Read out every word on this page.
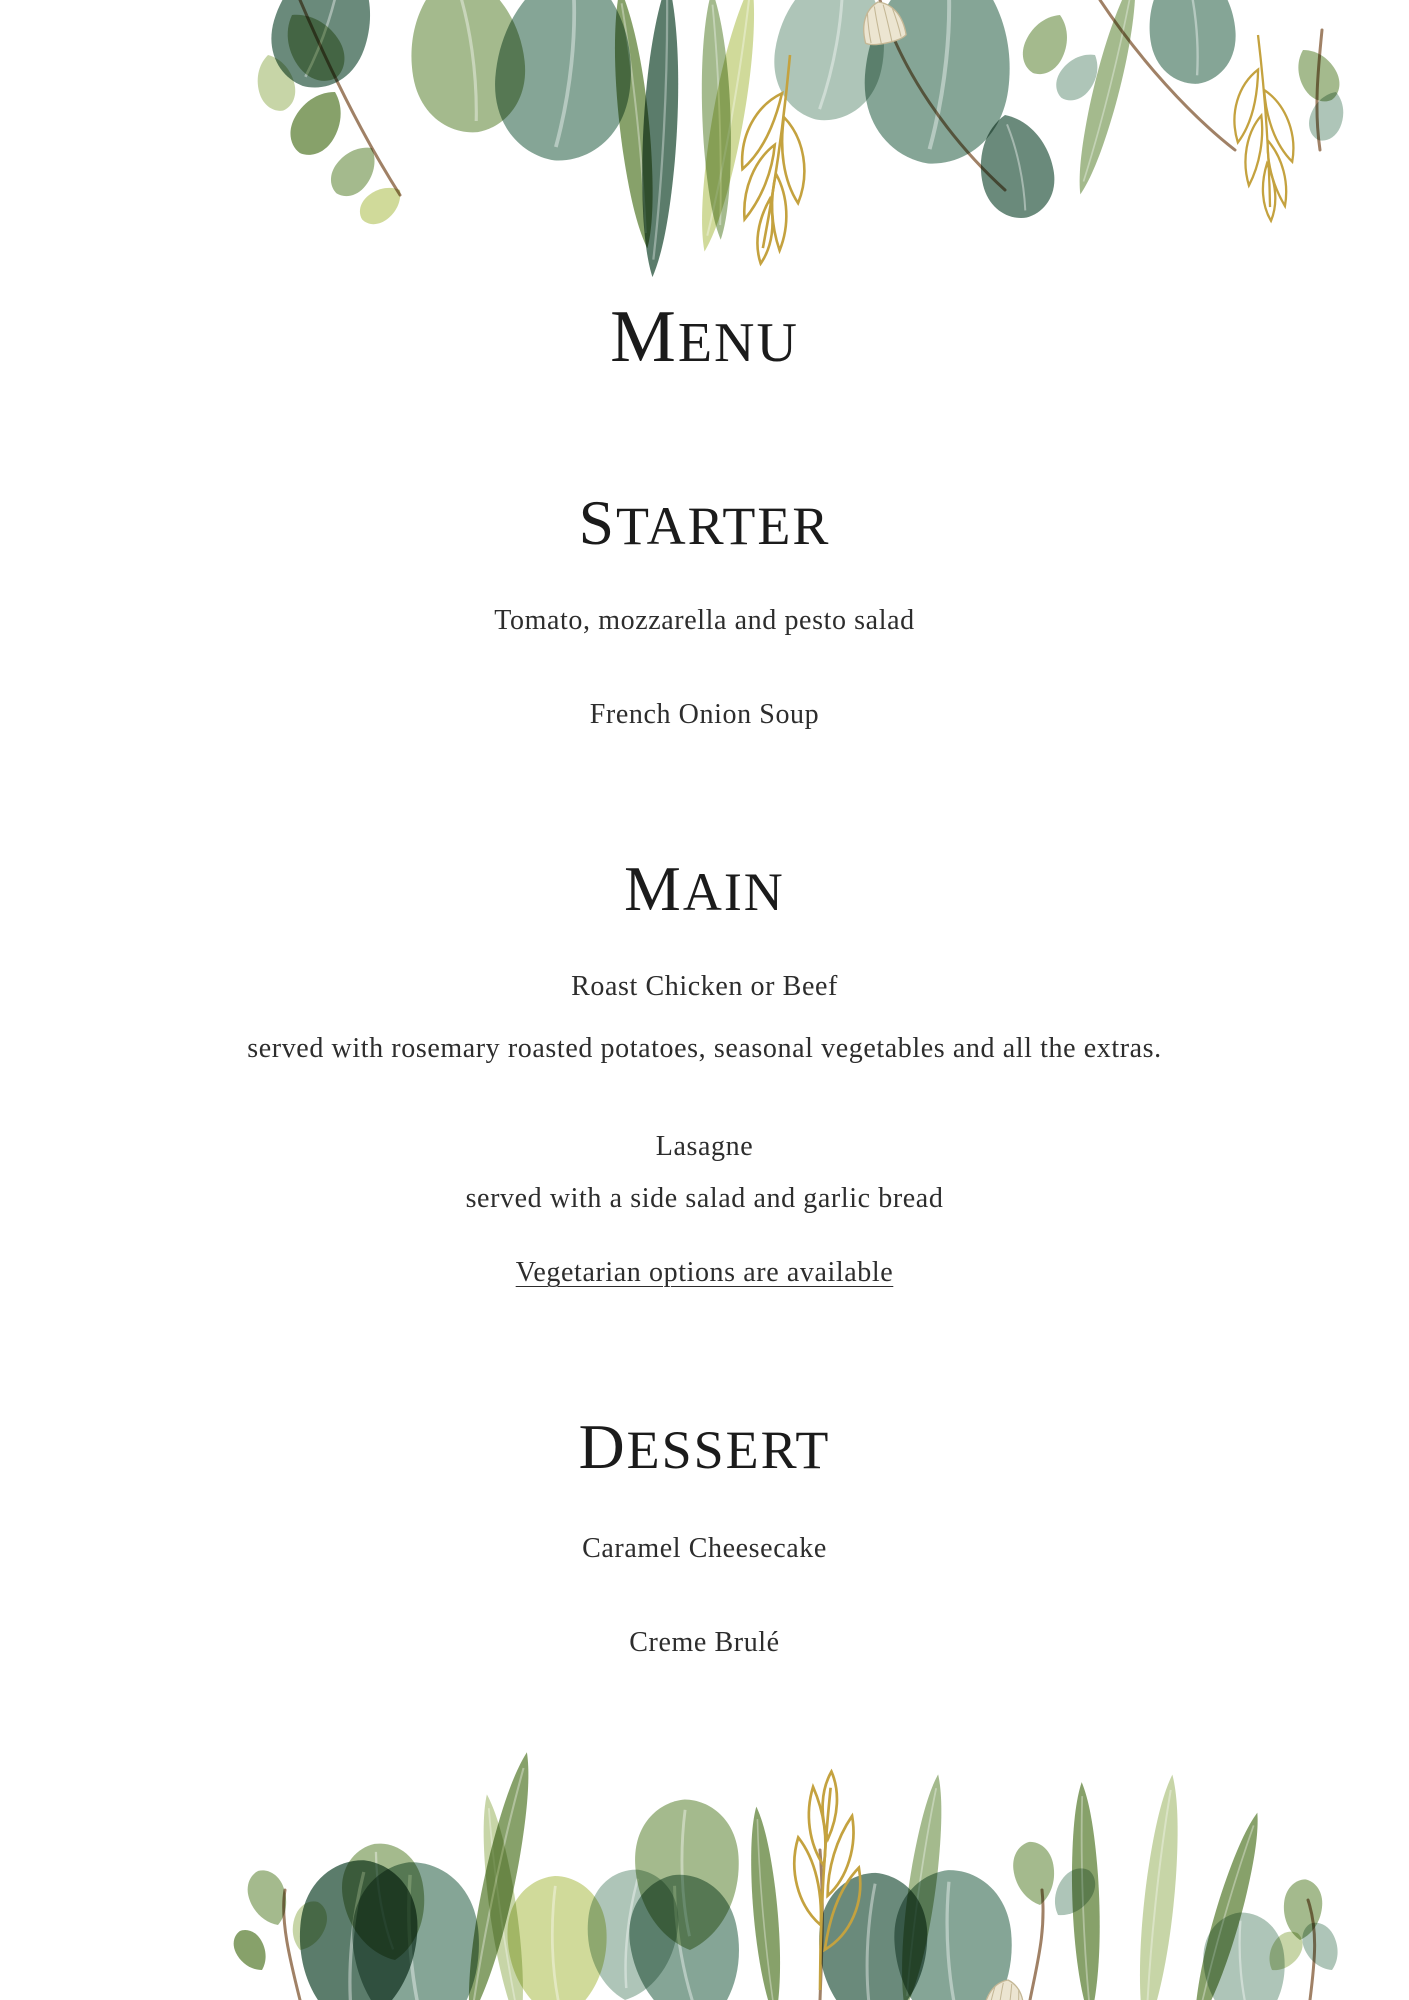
MENU
STARTER

Tomato, mozzarella and pesto salad

French Onion Soup

MAIN

Roast Chicken or Beef

served with rosemary roasted potatoes, seasonal vegetables and all the extras.

Lasagne

served with a side salad and garlic bread

Vegetarian options are available

DESSERT

Caramel Cheesecake

Creme Brulé
